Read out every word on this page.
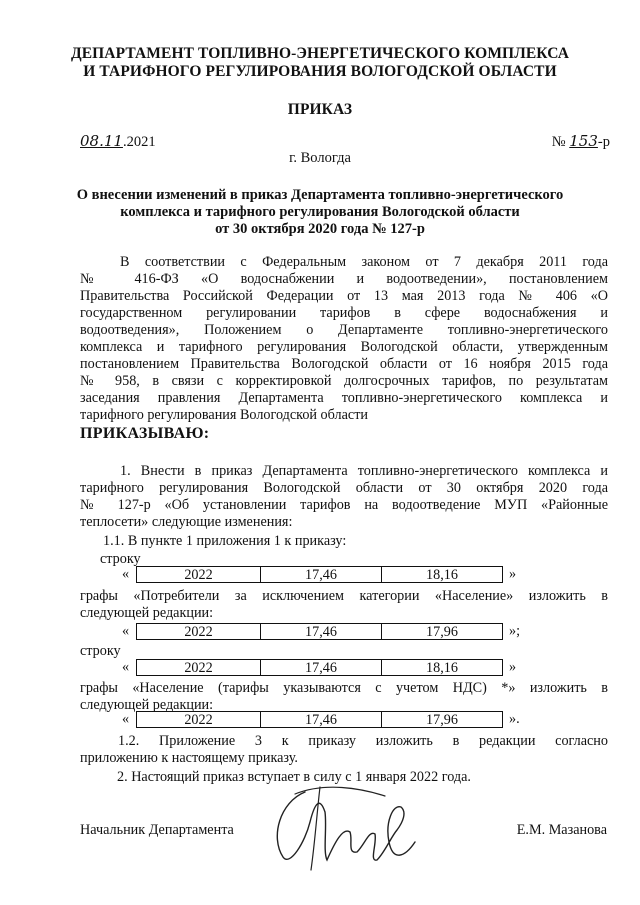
ДЕПАРТАМЕНТ ТОПЛИВНО-ЭНЕРГЕТИЧЕСКОГО КОМПЛЕКСА
И ТАРИФНОГО РЕГУЛИРОВАНИЯ ВОЛОГОДСКОЙ ОБЛАСТИ
ПРИКАЗ
08.11.2021	№ 153-р
г. Вологда
О внесении изменений в приказ Департамента топливно-энергетического
комплекса и тарифного регулирования Вологодской области
от 30 октября 2020 года № 127-р
В соответствии с Федеральным законом от 7 декабря 2011 года
№ 416-ФЗ «О водоснабжении и водоотведении», постановлением
Правительства Российской Федерации от 13 мая 2013 года № 406 «О
государственном регулировании тарифов в сфере водоснабжения и
водоотведения», Положением о Департаменте топливно-энергетического
комплекса и тарифного регулирования Вологодской области, утвержденным
постановлением Правительства Вологодской области от 16 ноября 2015 года
№ 958, в связи с корректировкой долгосрочных тарифов, по результатам
заседания правления Департамента топливно-энергетического комплекса и
тарифного регулирования Вологодской области
ПРИКАЗЫВАЮ:
1. Внести в приказ Департамента топливно-энергетического комплекса и
тарифного регулирования Вологодской области от 30 октября 2020 года
№ 127-р «Об установлении тарифов на водоотведение МУП «Районные
теплосети» следующие изменения:
1.1. В пункте 1 приложения 1 к приказу:
строку
«	2022	17,46	18,16	»
графы «Потребители за исключением категории «Население» изложить в
следующей редакции:
«	2022	17,46	17,96	»;
строку
«	2022	17,46	18,16	»
графы «Население (тарифы указываются с учетом НДС) *» изложить в
следующей редакции:
«	2022	17,46	17,96	».
1.2. Приложение 3 к приказу изложить в редакции согласно
приложению к настоящему приказу.
2. Настоящий приказ вступает в силу с 1 января 2022 года.
Начальник Департамента	Е.М. Мазанова
